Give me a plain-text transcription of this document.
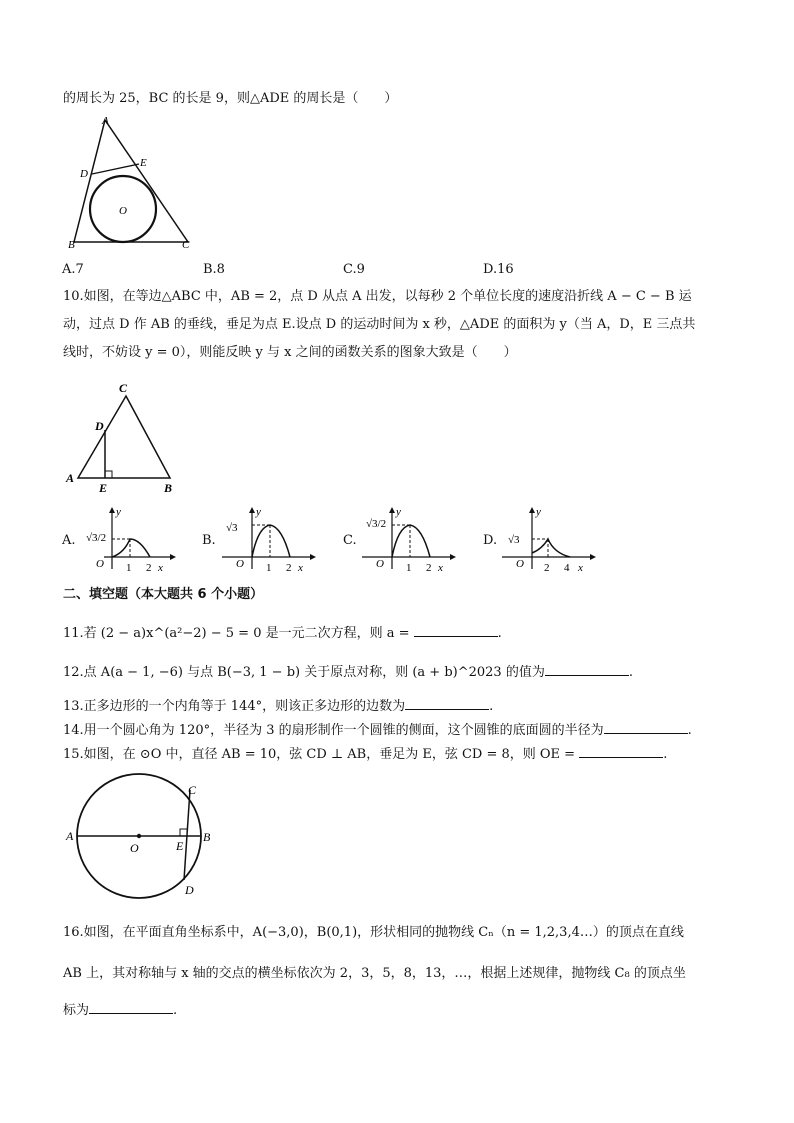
的周长为 25，BC 的长是 9，则△ADE 的周长是（　　）
A
E
D
O
B	C
A.7	B.8	C.9	D.16
10.如图，在等边△ABC 中，AB = 2，点 D 从点 A 出发，以每秒 2 个单位长度的速度沿折线 A − C − B 运
动，过点 D 作 AB 的垂线，垂足为点 E.设点 D 的运动时间为 x 秒，△ADE 的面积为 y（当 A，D，E 三点共
线时，不妨设 y = 0），则能反映 y 与 x 之间的函数关系的图象大致是（　　）
C
D
A
E	B
A. √3/2
y
O 1 2 x
B.
√3
y
O 1 2 x
C.
√3/2
y
O 1 2 x
D. √3
y
O 2 4 x
二、填空题（本大题共 6 个小题）
11.若 (2 − a)x^(a²−2) − 5 = 0 是一元二次方程，则 a =	.
12.点 A(a − 1, −6) 与点 B(−3, 1 − b) 关于原点对称，则 (a + b)^2023 的值为	.
13.正多边形的一个内角等于 144°，则该正多边形的边数为	.
14.用一个圆心角为 120°，半径为 3 的扇形制作一个圆锥的侧面，这个圆锥的底面圆的半径为	.
15.如图，在 ⊙O 中，直径 AB = 10，弦 CD ⊥ AB，垂足为 E，弦 CD = 8，则 OE =	.
A	B
C
D
E
O
16.如图，在平面直角坐标系中，A(−3,0)，B(0,1)，形状相同的抛物线 Cₙ（n = 1,2,3,4…）的顶点在直线
AB 上，其对称轴与 x 轴的交点的横坐标依次为 2，3，5，8，13，…，根据上述规律，抛物线 C₈ 的顶点坐
标为	.
